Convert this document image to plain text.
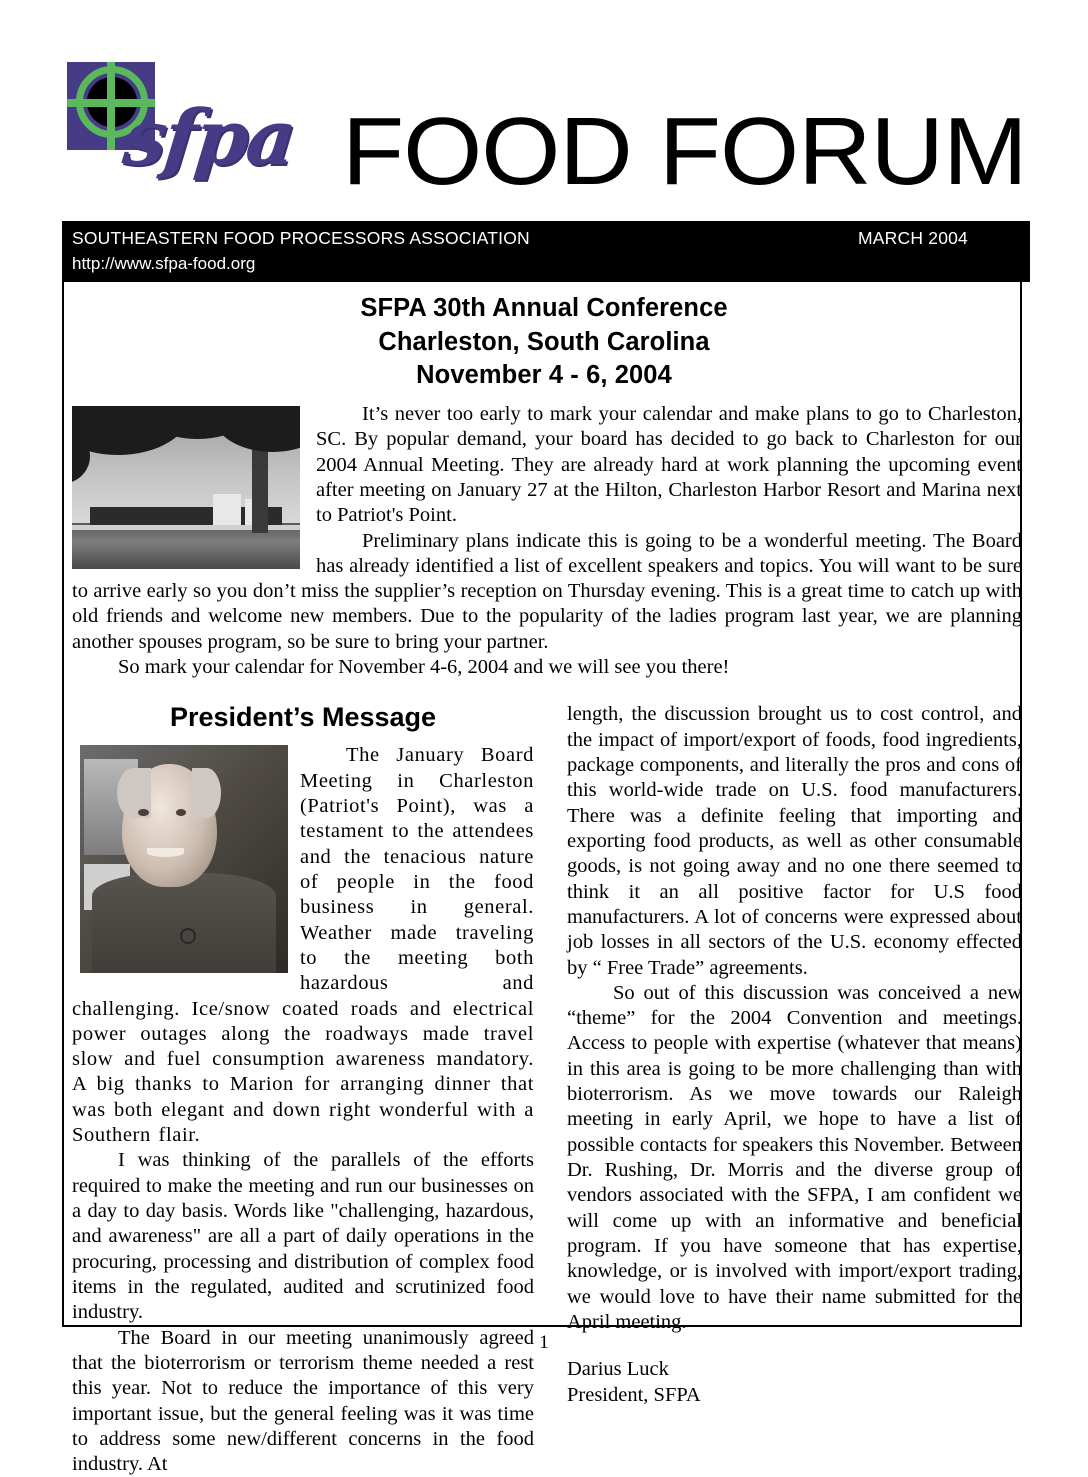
sfpa FOOD FORUM
SOUTHEASTERN FOOD PROCESSORS ASSOCIATION
http://www.sfpa-food.org
MARCH 2004
SFPA 30th Annual Conference
Charleston, South Carolina
November 4 - 6, 2004
It’s never too early to mark your calendar and make plans to go to Charleston, SC. By popular demand, your board has decided to go back to Charleston for our 2004 Annual Meeting. They are already hard at work planning the upcoming event after meeting on January 27 at the Hilton, Charleston Harbor Resort and Marina next to Patriot's Point.
Preliminary plans indicate this is going to be a wonderful meeting. The Board has already identified a list of excellent speakers and topics. You will want to be sure to arrive early so you don’t miss the supplier’s reception on Thursday evening. This is a great time to catch up with old friends and welcome new members. Due to the popularity of the ladies program last year, we are planning another spouses program, so be sure to bring your partner.
So mark your calendar for November 4-6, 2004 and we will see you there!
President’s Message

The January Board Meeting in Charleston (Patriot's Point), was a testament to the attendees and the tenacious nature of people in the food business in general. Weather made traveling to the meeting both hazardous and challenging. Ice/snow coated roads and electrical power outages along the roadways made travel slow and fuel consumption awareness mandatory. A big thanks to Marion for arranging dinner that was both elegant and down right wonderful with a Southern flair.

I was thinking of the parallels of the efforts required to make the meeting and run our businesses on a day to day basis. Words like "challenging, hazardous, and awareness" are all a part of daily operations in the procuring, processing and distribution of complex food items in the regulated, audited and scrutinized food industry.

The Board in our meeting unanimously agreed that the bioterrorism or terrorism theme needed a rest this year. Not to reduce the importance of this very important issue, but the general feeling was it was time to address some new/different concerns in the food industry. At

length, the discussion brought us to cost control, and the impact of import/export of foods, food ingredients, package components, and literally the pros and cons of this world-wide trade on U.S. food manufacturers. There was a definite feeling that importing and exporting food products, as well as other consumable goods, is not going away and no one there seemed to think it an all positive factor for U.S food manufacturers. A lot of concerns were expressed about job losses in all sectors of the U.S. economy effected by “ Free Trade” agreements.

So out of this discussion was conceived a new “theme” for the 2004 Convention and meetings. Access to people with expertise (whatever that means) in this area is going to be more challenging than with bioterrorism. As we move towards our Raleigh meeting in early April, we hope to have a list of possible contacts for speakers this November. Between Dr. Rushing, Dr. Morris and the diverse group of vendors associated with the SFPA, I am confident we will come up with an informative and beneficial program. If you have someone that has expertise, knowledge, or is involved with import/export trading, we would love to have their name submitted for the April meeting.

Darius Luck
President, SFPA
1
